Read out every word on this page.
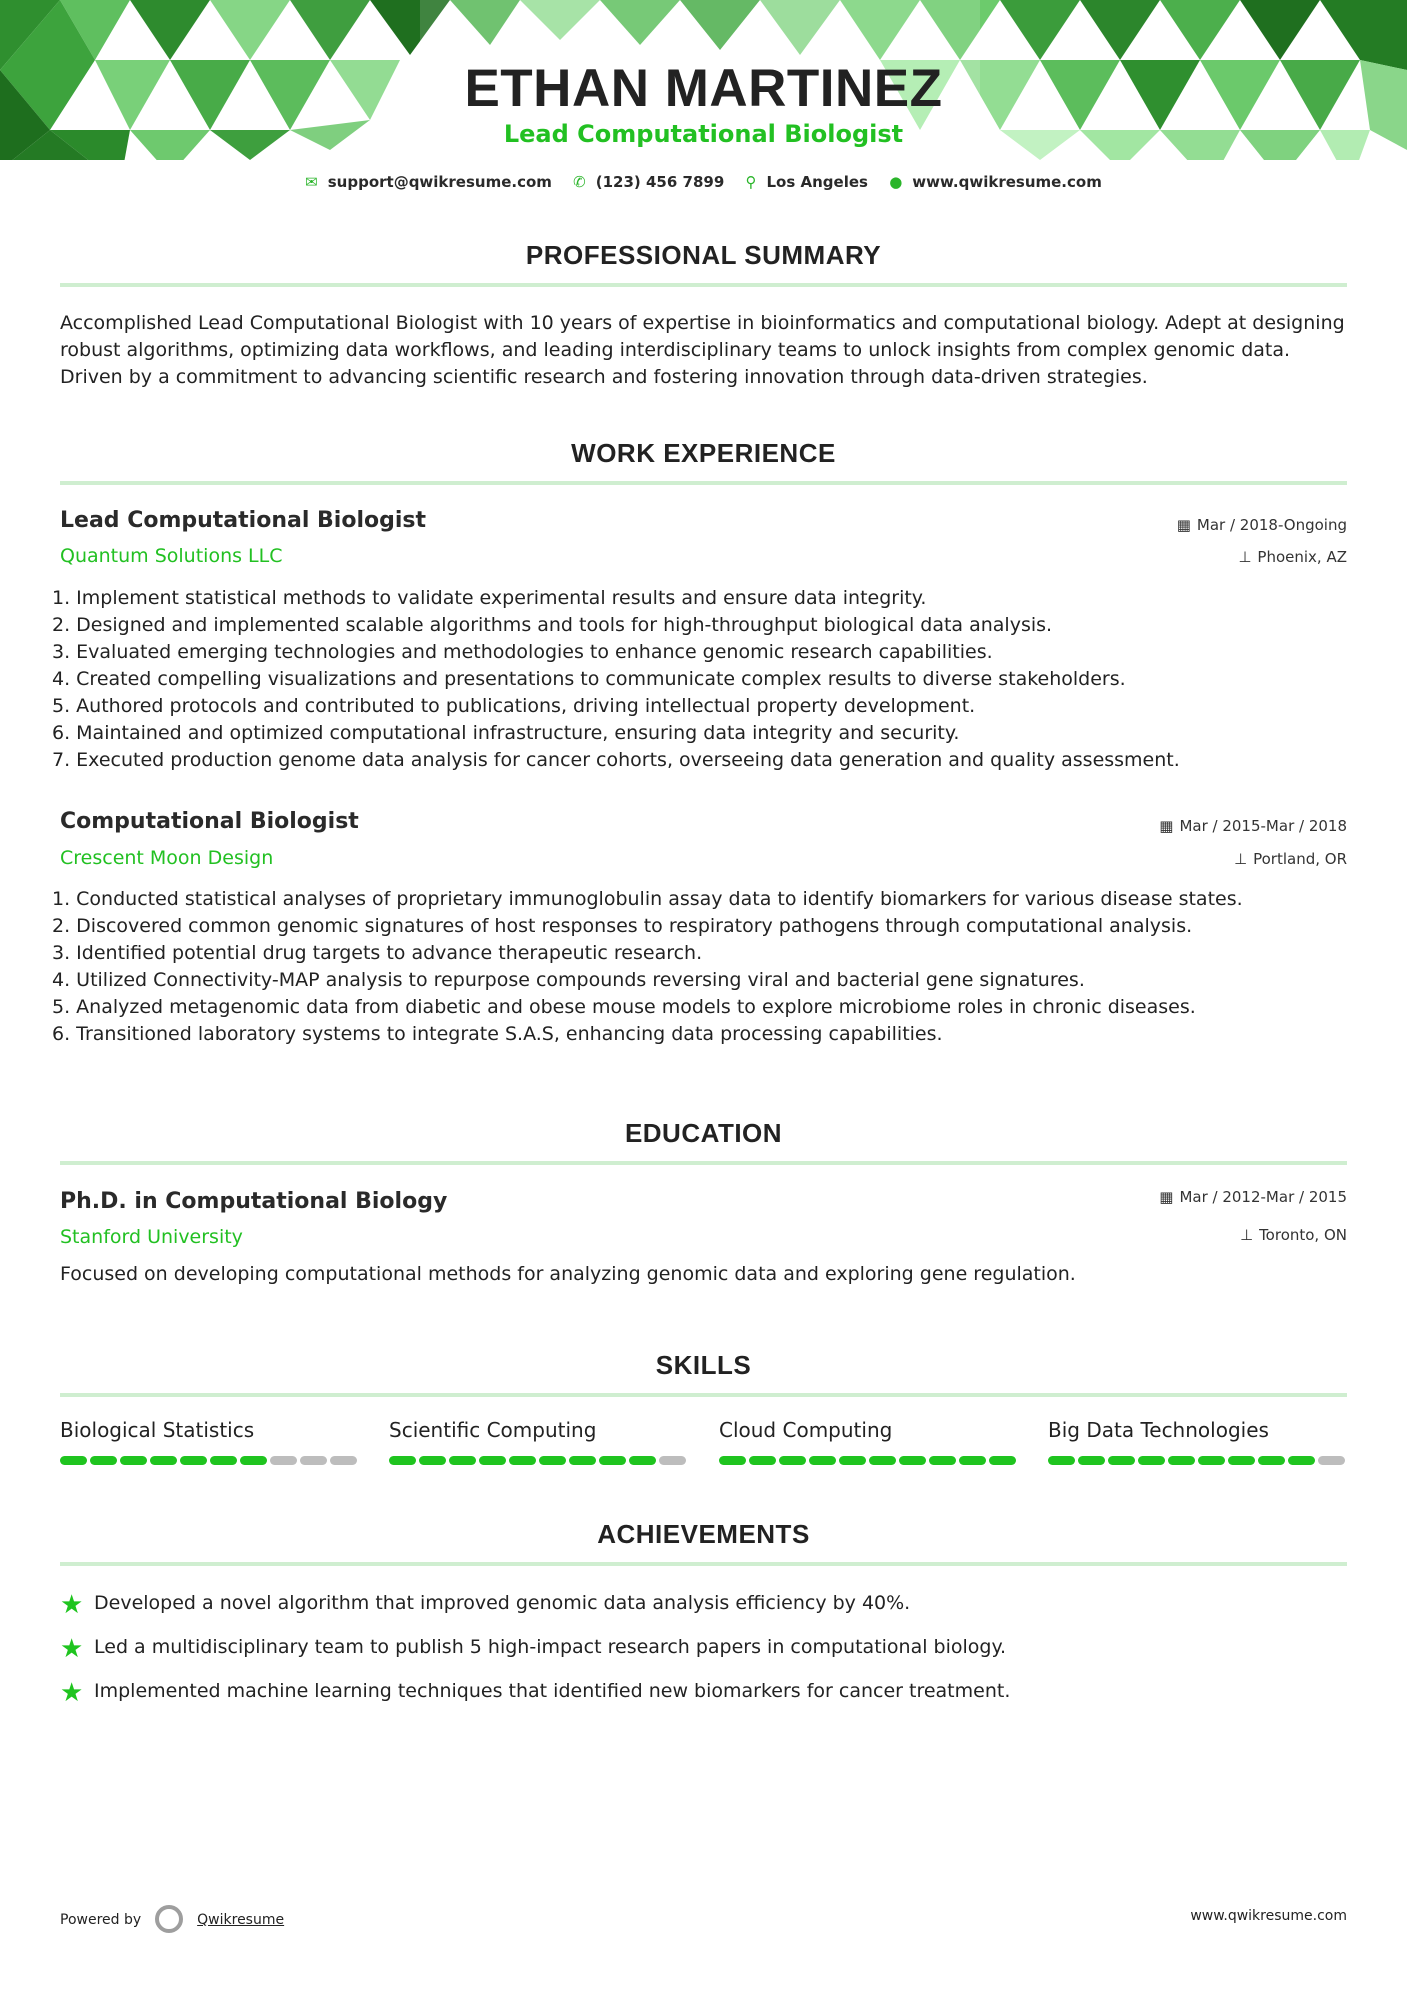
ETHAN MARTINEZ
Lead Computational Biologist
✉ support@qwikresume.com ✆ (123) 456 7899 ⚲ Los Angeles ● www.qwikresume.com
PROFESSIONAL SUMMARY
Accomplished Lead Computational Biologist with 10 years of expertise in bioinformatics and computational biology. Adept at designing robust algorithms, optimizing data workflows, and leading interdisciplinary teams to unlock insights from complex genomic data. Driven by a commitment to advancing scientific research and fostering innovation through data-driven strategies.
WORK EXPERIENCE
Lead Computational Biologist	▦ Mar / 2018-Ongoing
Quantum Solutions LLC	⊥ Phoenix, AZ
1. Implement statistical methods to validate experimental results and ensure data integrity.
2. Designed and implemented scalable algorithms and tools for high-throughput biological data analysis.
3. Evaluated emerging technologies and methodologies to enhance genomic research capabilities.
4. Created compelling visualizations and presentations to communicate complex results to diverse stakeholders.
5. Authored protocols and contributed to publications, driving intellectual property development.
6. Maintained and optimized computational infrastructure, ensuring data integrity and security.
7. Executed production genome data analysis for cancer cohorts, overseeing data generation and quality assessment.
Computational Biologist	▦ Mar / 2015-Mar / 2018
Crescent Moon Design	⊥ Portland, OR
1. Conducted statistical analyses of proprietary immunoglobulin assay data to identify biomarkers for various disease states.
2. Discovered common genomic signatures of host responses to respiratory pathogens through computational analysis.
3. Identified potential drug targets to advance therapeutic research.
4. Utilized Connectivity-MAP analysis to repurpose compounds reversing viral and bacterial gene signatures.
5. Analyzed metagenomic data from diabetic and obese mouse models to explore microbiome roles in chronic diseases.
6. Transitioned laboratory systems to integrate S.A.S, enhancing data processing capabilities.
EDUCATION
Ph.D. in Computational Biology	▦ Mar / 2012-Mar / 2015
Stanford University	⊥ Toronto, ON
Focused on developing computational methods for analyzing genomic data and exploring gene regulation.
SKILLS
Biological Statistics	Scientific Computing	Cloud Computing	Big Data Technologies
ACHIEVEMENTS
★ Developed a novel algorithm that improved genomic data analysis efficiency by 40%.
★ Led a multidisciplinary team to publish 5 high-impact research papers in computational biology.
★ Implemented machine learning techniques that identified new biomarkers for cancer treatment.
Powered by	Qwikresume	www.qwikresume.com
